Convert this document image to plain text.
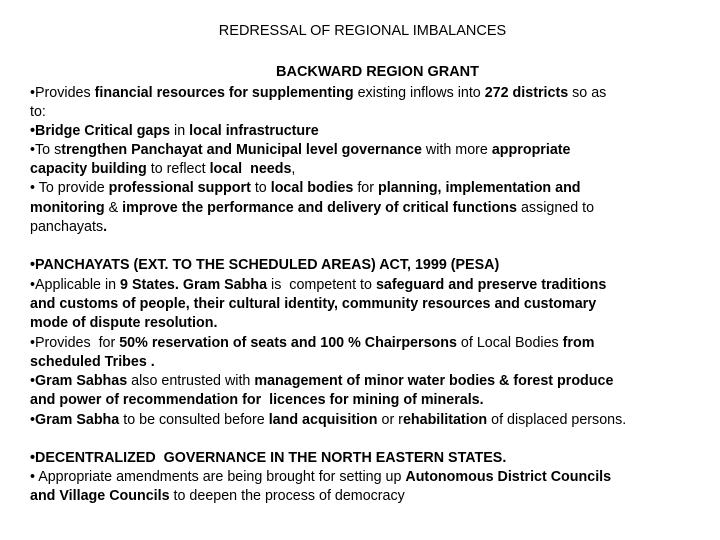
REDRESSAL OF REGIONAL IMBALANCES
BACKWARD REGION GRANT
•Provides financial resources for supplementing existing inflows into 272 districts so as
to:
•Bridge Critical gaps in local infrastructure
•To strengthen Panchayat and Municipal level governance with more appropriate
capacity building to reflect local  needs,
• To provide professional support to local bodies for planning, implementation and
monitoring & improve the performance and delivery of critical functions assigned to
panchayats.
•PANCHAYATS (EXT. TO THE SCHEDULED AREAS) ACT, 1999 (PESA)
•Applicable in 9 States. Gram Sabha is  competent to safeguard and preserve traditions
and customs of people, their cultural identity, community resources and customary
mode of dispute resolution.
•Provides  for 50% reservation of seats and 100 % Chairpersons of Local Bodies from
scheduled Tribes .
•Gram Sabhas also entrusted with management of minor water bodies & forest produce
and power of recommendation for  licences for mining of minerals.
•Gram Sabha to be consulted before land acquisition or rehabilitation of displaced persons.
•DECENTRALIZED  GOVERNANCE IN THE NORTH EASTERN STATES.
• Appropriate amendments are being brought for setting up Autonomous District Councils
and Village Councils to deepen the process of democracy
